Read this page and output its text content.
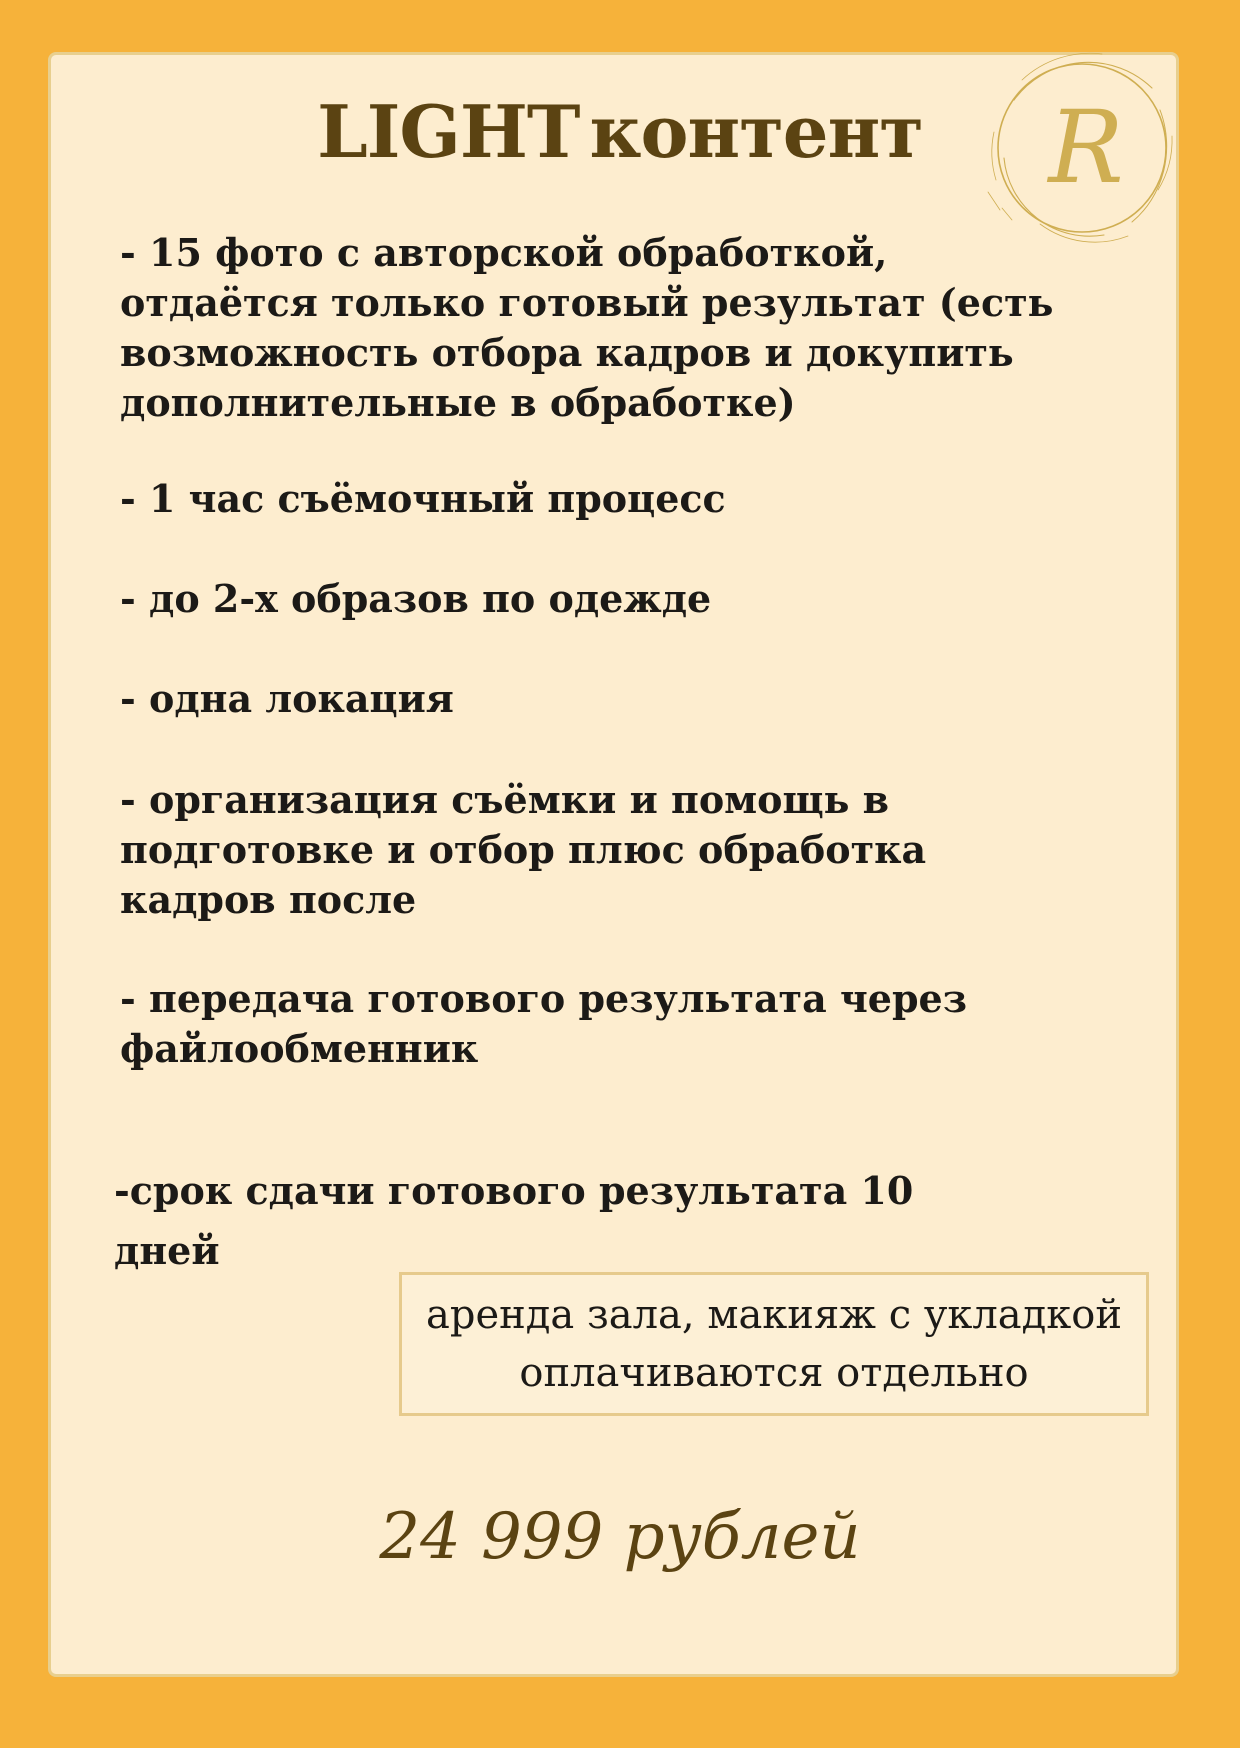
LIGHT контент	R

- 15 фото с авторской обработкой,
отдаётся только готовый результат (есть
возможность отбора кадров и докупить
дополнительные в обработке)

- 1 час съёмочный процесс

- до 2-х образов по одежде

- одна локация

- организация съёмки и помощь в
подготовке и отбор плюс обработка
кадров после

- передача готового результата через
файлообменник

-срок сдачи готового результата 10
дней

аренда зала, макияж с укладкой
оплачиваются отдельно

24 999 рублей
